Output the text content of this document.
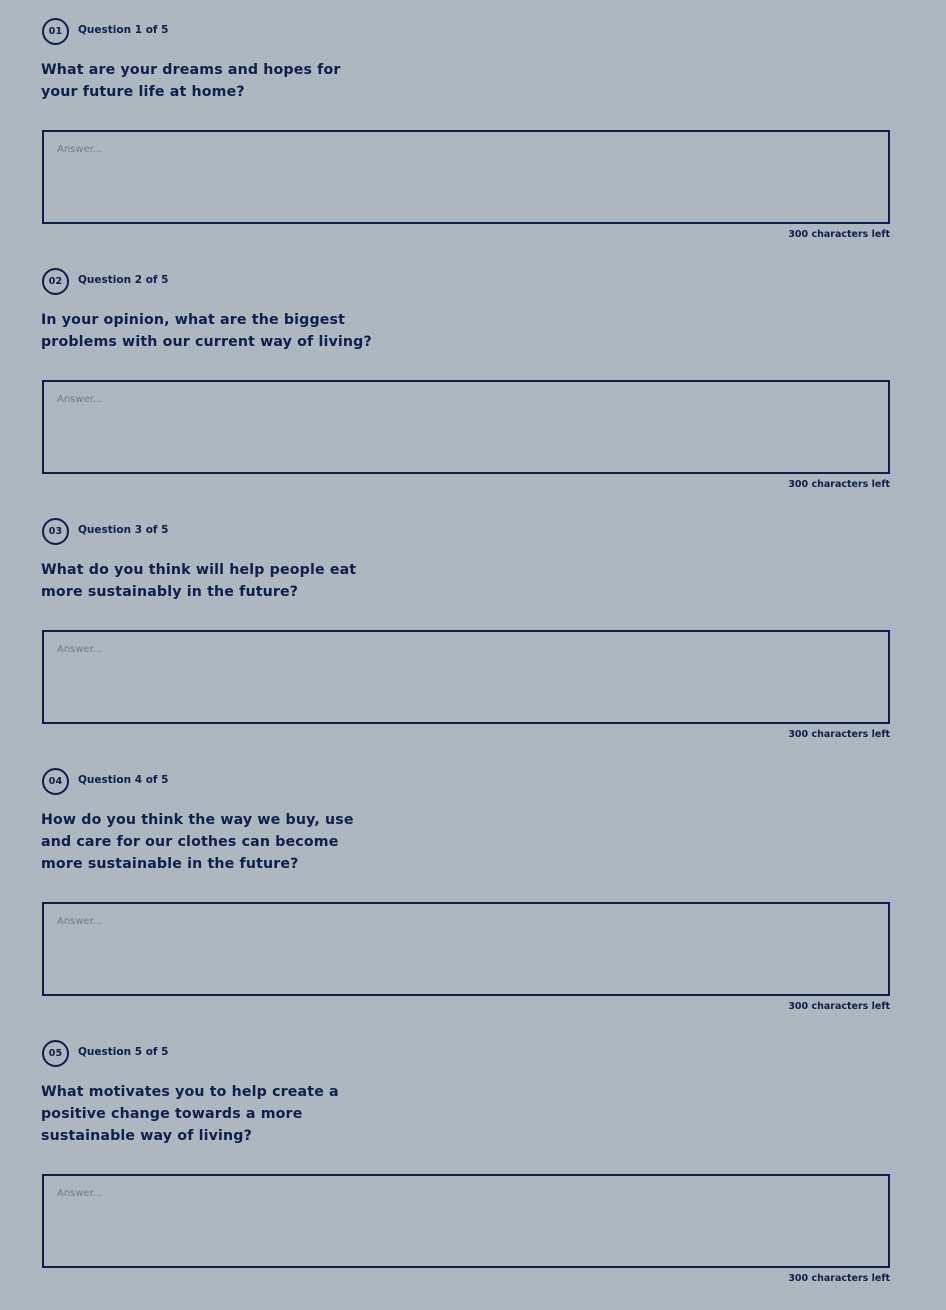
01	Question 1 of 5
What are your dreams and hopes for your future life at home?
Answer...
300 characters left
02	Question 2 of 5
In your opinion, what are the biggest problems with our current way of living?
Answer...
300 characters left
03	Question 3 of 5
What do you think will help people eat more sustainably in the future?
Answer...
300 characters left
04	Question 4 of 5
How do you think the way we buy, use and care for our clothes can become more sustainable in the future?
Answer...
300 characters left
05	Question 5 of 5
What motivates you to help create a positive change towards a more sustainable way of living?
Answer...
300 characters left
